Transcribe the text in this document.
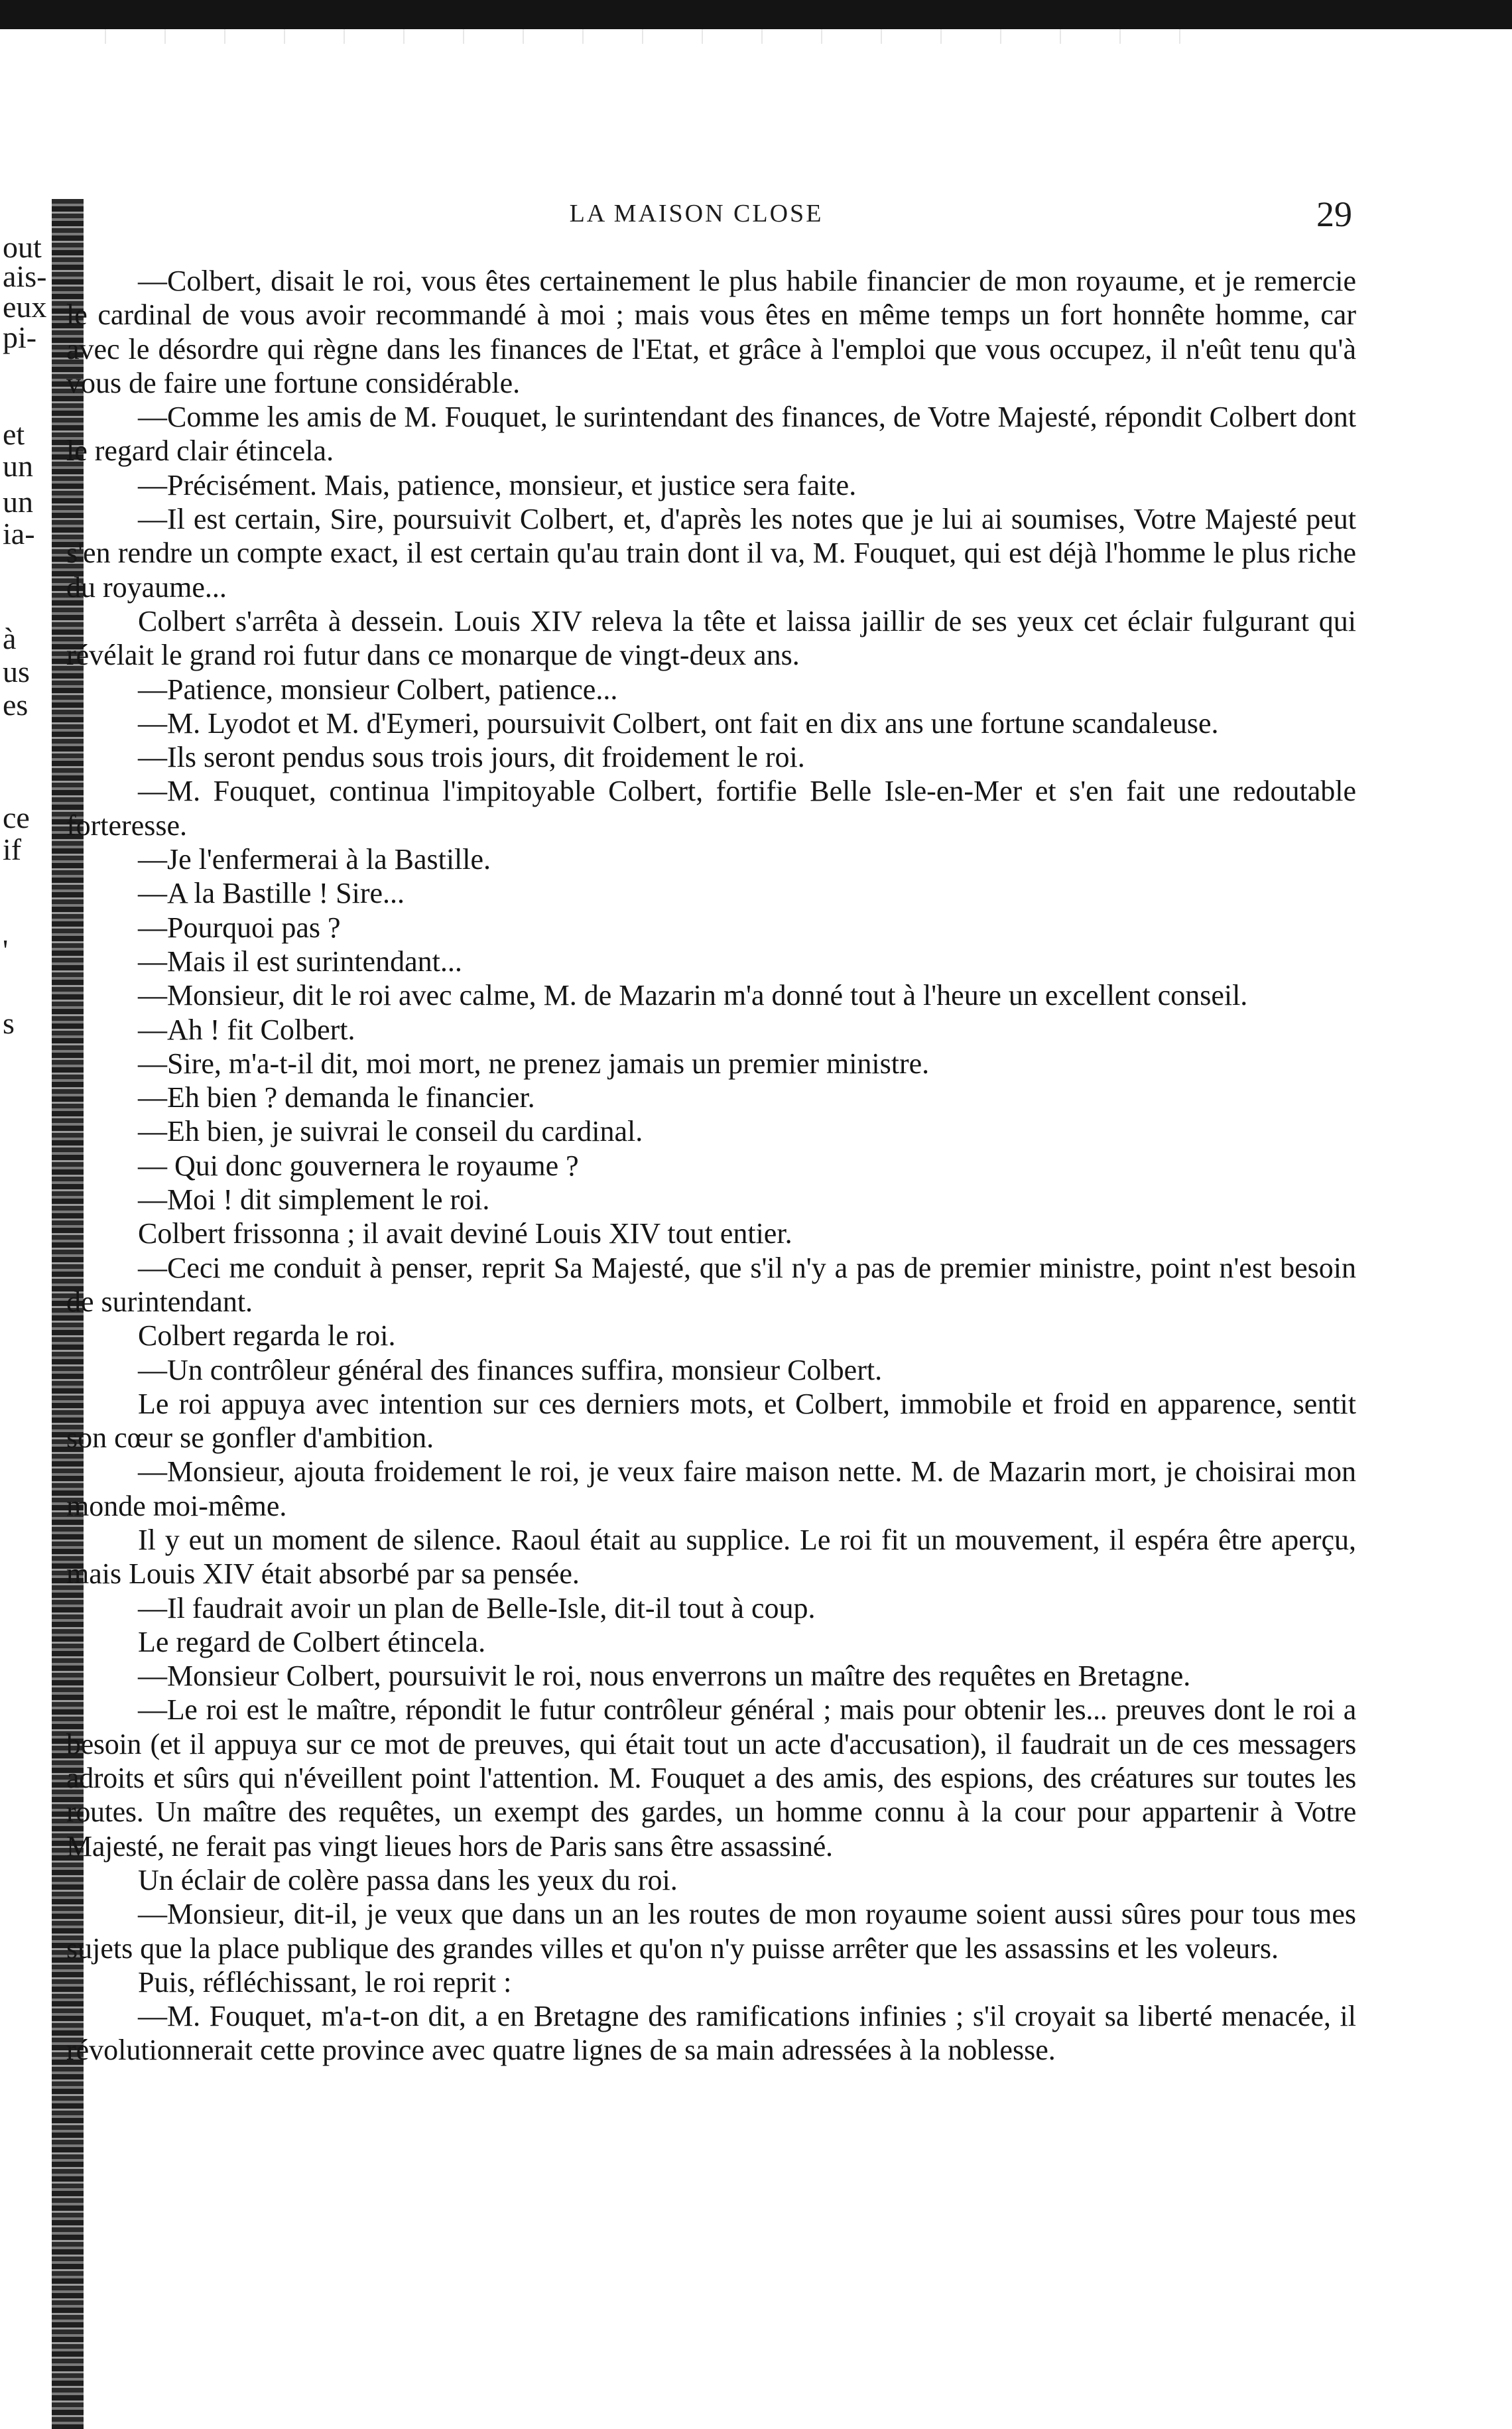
out
ais-
eux
pi-
et
un
un
ia-
à
us
es
ce
if
'
s
LA MAISON CLOSE	29

—Colbert, disait le roi, vous êtes certainement le plus habile financier de mon royaume, et je remercie le cardinal de vous avoir recommandé à moi ; mais vous êtes en même temps un fort honnête homme, car avec le désordre qui règne dans les finances de l'Etat, et grâce à l'emploi que vous occupez, il n'eût tenu qu'à vous de faire une fortune considérable.

—Comme les amis de M. Fouquet, le surintendant des finances, de Votre Majesté, répondit Colbert dont le regard clair étincela.

—Précisément. Mais, patience, monsieur, et justice sera faite.

—Il est certain, Sire, poursuivit Colbert, et, d'après les notes que je lui ai soumises, Votre Majesté peut s'en rendre un compte exact, il est certain qu'au train dont il va, M. Fouquet, qui est déjà l'homme le plus riche du royaume...

Colbert s'arrêta à dessein. Louis XIV releva la tête et laissa jaillir de ses yeux cet éclair fulgurant qui révélait le grand roi futur dans ce monarque de vingt-deux ans.

—Patience, monsieur Colbert, patience...

—M. Lyodot et M. d'Eymeri, poursuivit Colbert, ont fait en dix ans une fortune scandaleuse.

—Ils seront pendus sous trois jours, dit froidement le roi.

—M. Fouquet, continua l'impitoyable Colbert, fortifie Belle Isle-en-Mer et s'en fait une redoutable forteresse.

—Je l'enfermerai à la Bastille.

—A la Bastille ! Sire...

—Pourquoi pas ?

—Mais il est surintendant...

—Monsieur, dit le roi avec calme, M. de Mazarin m'a donné tout à l'heure un excellent conseil.

—Ah ! fit Colbert.

—Sire, m'a-t-il dit, moi mort, ne prenez jamais un premier ministre.

—Eh bien ? demanda le financier.

—Eh bien, je suivrai le conseil du cardinal.

— Qui donc gouvernera le royaume ?

—Moi ! dit simplement le roi.

Colbert frissonna ; il avait deviné Louis XIV tout entier.

—Ceci me conduit à penser, reprit Sa Majesté, que s'il n'y a pas de premier ministre, point n'est besoin de surintendant.

Colbert regarda le roi.

—Un contrôleur général des finances suffira, monsieur Colbert.

Le roi appuya avec intention sur ces derniers mots, et Colbert, immobile et froid en apparence, sentit son cœur se gonfler d'ambition.

—Monsieur, ajouta froidement le roi, je veux faire maison nette. M. de Mazarin mort, je choisirai mon monde moi-même.

Il y eut un moment de silence. Raoul était au supplice. Le roi fit un mouvement, il espéra être aperçu, mais Louis XIV était absorbé par sa pensée.

—Il faudrait avoir un plan de Belle-Isle, dit-il tout à coup.

Le regard de Colbert étincela.

—Monsieur Colbert, poursuivit le roi, nous enverrons un maître des requêtes en Bretagne.

—Le roi est le maître, répondit le futur contrôleur général ; mais pour obtenir les... preuves dont le roi a besoin (et il appuya sur ce mot de preuves, qui était tout un acte d'accusation), il faudrait un de ces messagers adroits et sûrs qui n'éveillent point l'attention. M. Fouquet a des amis, des espions, des créatures sur toutes les routes. Un maître des requêtes, un exempt des gardes, un homme connu à la cour pour appartenir à Votre Majesté, ne ferait pas vingt lieues hors de Paris sans être assassiné.

Un éclair de colère passa dans les yeux du roi.

—Monsieur, dit-il, je veux que dans un an les routes de mon royaume soient aussi sûres pour tous mes sujets que la place publique des grandes villes et qu'on n'y puisse arrêter que les assassins et les voleurs.

Puis, réfléchissant, le roi reprit :

—M. Fouquet, m'a-t-on dit, a en Bretagne des ramifications infinies ; s'il croyait sa liberté menacée, il révolutionnerait cette province avec quatre lignes de sa main adressées à la noblesse.
